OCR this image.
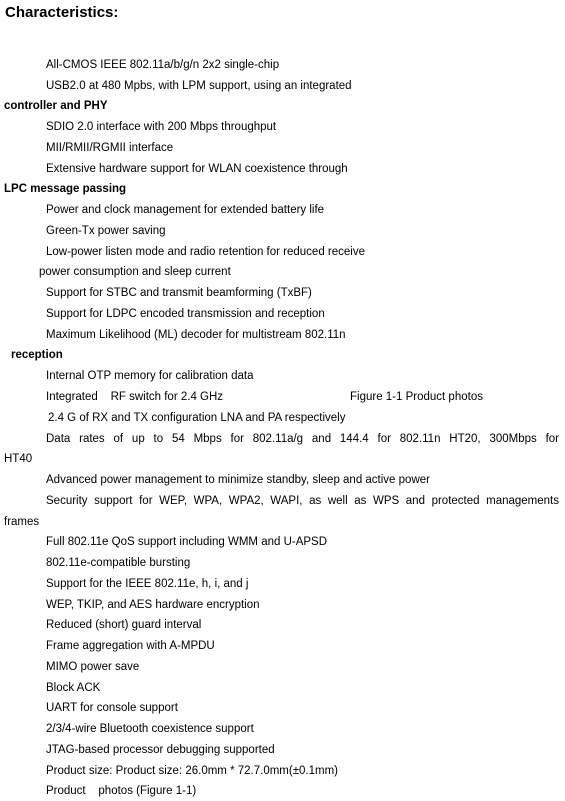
Characteristics:
All-CMOS IEEE 802.11a/b/g/n 2x2 single-chip
USB2.0 at 480 Mpbs, with LPM support, using an integrated
controller and PHY
SDIO 2.0 interface with 200 Mbps throughput
MII/RMII/RGMII interface
Extensive hardware support for WLAN coexistence through
LPC message passing
Power and clock management for extended battery life
Green-Tx power saving
Low-power listen mode and radio retention for reduced receive
power consumption and sleep current
Support for STBC and transmit beamforming (TxBF)
Support for LDPC encoded transmission and reception
Maximum Likelihood (ML) decoder for multistream 802.11n
reception
Internal OTP memory for calibration data
Integrated    RF switch for 2.4 GHz	Figure 1-1 Product photos
2.4 G of RX and TX configuration LNA and PA respectively
Data rates of up to 54 Mbps for 802.11a/g and 144.4 for 802.11n HT20, 300Mbps for
HT40
Advanced power management to minimize standby, sleep and active power
Security support for WEP, WPA, WPA2, WAPI, as well as WPS and protected managements
frames
Full 802.11e QoS support including WMM and U-APSD
802.11e-compatible bursting
Support for the IEEE 802.11e, h, i, and j
WEP, TKIP, and AES hardware encryption
Reduced (short) guard interval
Frame aggregation with A-MPDU
MIMO power save
Block ACK
UART for console support
2/3/4-wire Bluetooth coexistence support
JTAG-based processor debugging supported
Product size: Product size: 26.0mm * 72.7.0mm(±0.1mm)
Product    photos (Figure 1-1)
